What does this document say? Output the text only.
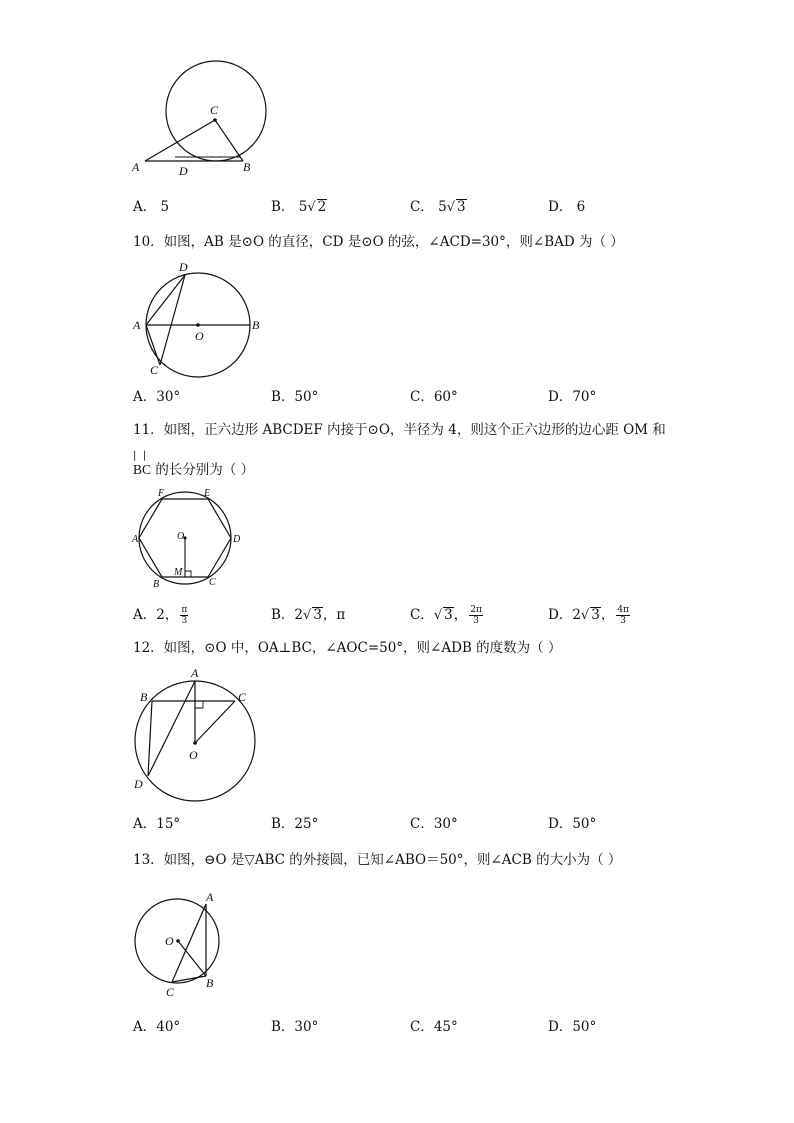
C
A	D	B
A． 5	B． 5√ 2	C． 5√ 3	D． 6
10．如图，AB 是⊙O 的直径，CD 是⊙O 的弦，∠ACD=30°，则∠BAD 为（ ）
D
A	B
O
C
A．30°	B．50°	C．60°	D．70°
11．如图，正六边形 ABCDEF 内接于⊙O，半径为 4，则这个正六边形的边心距 OM 和
|  |
BC 的长分别为（ ）
F	E
A	D
O
M
B	C
A．2， $\frac{\pi}{3}$	B．2√ 3，π	C．√ 3， $\frac{2\pi}{3}$	D．2√ 3， $\frac{4\pi}{3}$
12．如图，⊙O 中，OA⊥BC，∠AOC=50°，则∠ADB 的度数为（ ）
A
B	C
O
D
A．15°	B．25°	C．30°	D．50°
13．如图，⊖O 是▽ABC 的外接圆，已知∠ABO＝50°，则∠ACB 的大小为（ ）
A
O
B
C
A．40°	B．30°	C．45°	D．50°
